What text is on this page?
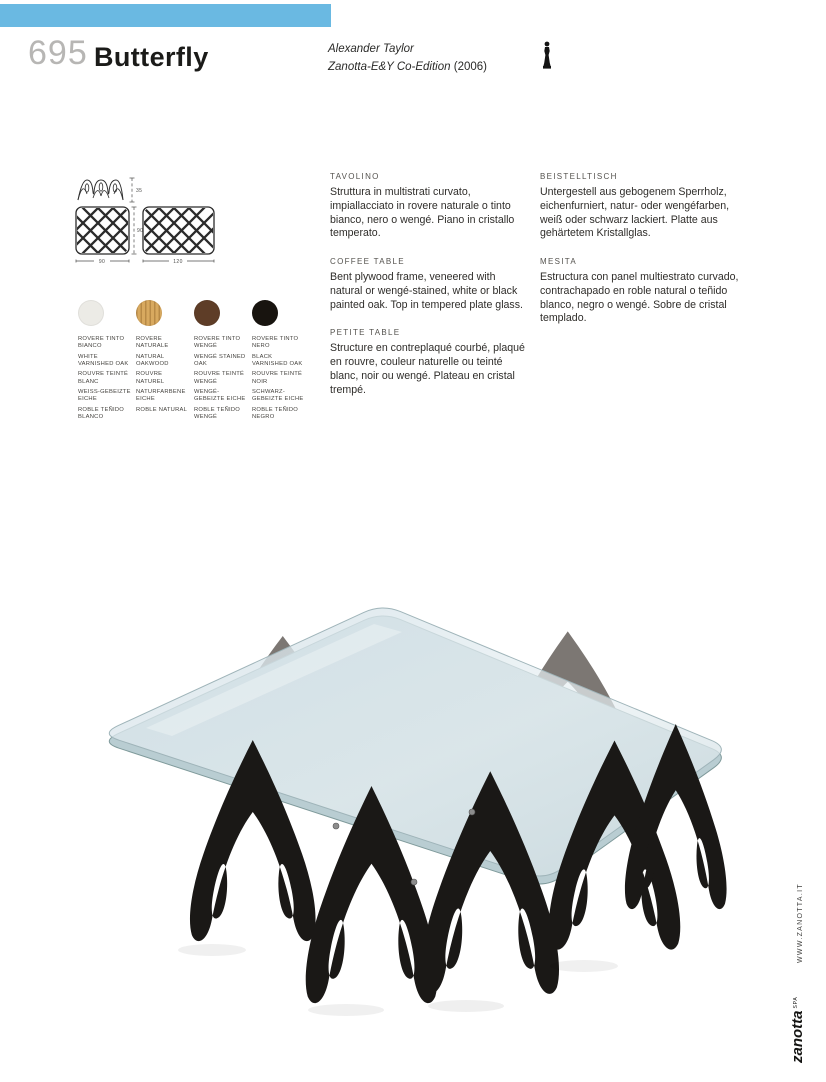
695 Butterfly	Alexander Taylor
Zanotta-E&Y Co-Edition (2006)
35
90
90	120
TAVOLINO

Struttura in multistrati curvato, impiallacciato in rovere naturale o tinto bianco, nero o wengé. Piano in cristallo temperato.

COFFEE TABLE

Bent plywood frame, veneered with natural or wengé-stained, white or black painted oak. Top in tempered plate glass.

PETITE TABLE

Structure en contreplaqué courbé, plaqué en rouvre, couleur naturelle ou teinté blanc, noir ou wengé. Plateau en cristal trempé.

BEISTELLTISCH

Untergestell aus gebogenem Sperrholz, eichenfurniert, natur- oder wengéfarben, weiß oder schwarz lackiert. Platte aus gehärtetem Kristallglas.

MESITA

Estructura con panel multiestrato curvado, contrachapado en roble natural o teñido blanco, negro o wengé. Sobre de cristal templado.

ROVERE TINTO BIANCO
WHITE VARNISHED OAK
ROUVRE TEINTÉ BLANC
WEISS-GEBEIZTE EICHE
ROBLE TEÑIDO BLANCO
ROVERE NATURALE
NATURAL OAKWOOD
ROUVRE NATUREL
NATURFARBENE EICHE
ROBLE NATURAL
ROVERE TINTO WENGÉ
WENGÉ STAINED OAK
ROUVRE TEINTÉ WENGÉ
WENGÉ-GEBEIZTE EICHE
ROBLE TEÑIDO WENGÉ
ROVERE TINTO NERO
BLACK VARNISHED OAK
ROUVRE TEINTÉ NOIR
SCHWARZ-GEBEIZTE EICHE
ROBLE TEÑIDO NEGRO
WWW.ZANOTTA.IT
zanotta$^{SPA}$
